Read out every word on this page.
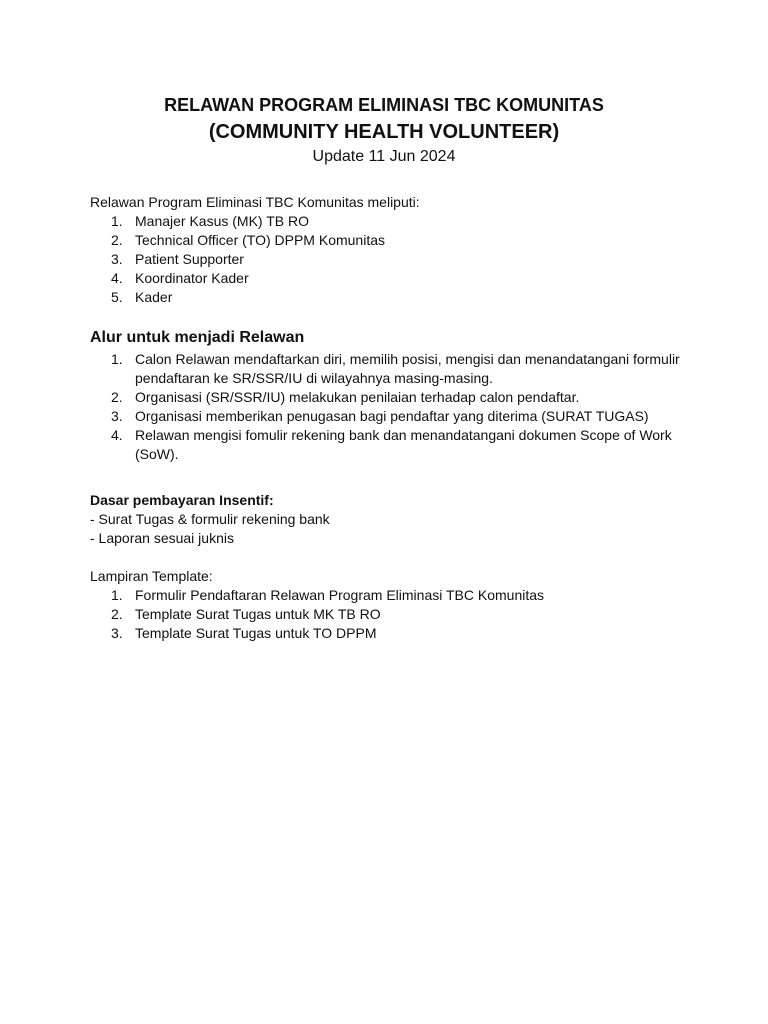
RELAWAN PROGRAM ELIMINASI TBC KOMUNITAS
(COMMUNITY HEALTH VOLUNTEER)
Update 11 Jun 2024

Relawan Program Eliminasi TBC Komunitas meliputi:

1. Manajer Kasus (MK) TB RO
2. Technical Officer (TO) DPPM Komunitas
3. Patient Supporter
4. Koordinator Kader
5. Kader
Alur untuk menjadi Relawan
1. Calon Relawan mendaftarkan diri, memilih posisi, mengisi dan menandatangani formulir pendaftaran ke SR/SSR/IU di wilayahnya masing-masing.
2. Organisasi (SR/SSR/IU) melakukan penilaian terhadap calon pendaftar.
3. Organisasi memberikan penugasan bagi pendaftar yang diterima (SURAT TUGAS)
4. Relawan mengisi fomulir rekening bank dan menandatangani dokumen Scope of Work (SoW).

Dasar pembayaran Insentif:

- Surat Tugas & formulir rekening bank

- Laporan sesuai juknis

Lampiran Template:

1. Formulir Pendaftaran Relawan Program Eliminasi TBC Komunitas
2. Template Surat Tugas untuk MK TB RO
3. Template Surat Tugas untuk TO DPPM
